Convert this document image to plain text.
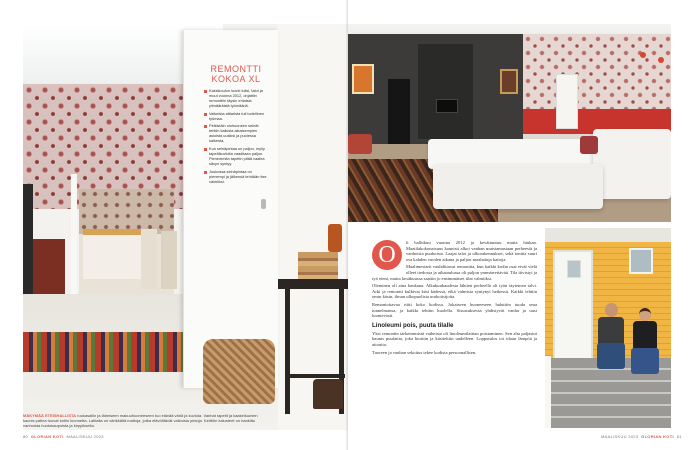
REMONTTI KOKOA XL
Kaksikoulun luonti tulisi, talot ja muut vuonna 2012, ohjattiin remonttiin täysin erilaisia ylimääräisiä työmääriä.
Vaikeista alttarista tuli todellinen työmaa.
Pelkistäin olohuoneen seinät tehtiin kaikista aikaisempien asioista uusiksi ja puolessa kaikesta.
Kun seinäpintaa on paljon, mylly tapettikuvioita vaaditaan paljon. Pienemmän tapetin pitää vaalea sävyn syntyy.
Joukossa seinäpintaa on pienempi ja jälkensä tehdään itse valmiiksi.
MÄKYMÄÄ ETEISHALLISTA ruokasaliin ja läheiseen makuuhuoneeseen tuo elävää väriä ja kuviota. Vanhat tapetit ja kaakeliuunien kaunis patina tuovat kotiin luonnetta. Lattialla on värikkäitä mattoja, jotka elävöittävät valkoisia pintoja. Keittiön kalusteet on hankittu vanhoista huutokaupoista ja kirppikselta.
80 GLORIAN KOTI MAALISKUU 2023
O	li hallitkuu vuonna 2012 ja kevättuntuu mutta hiukan. Maatilakokonaisuus kaunisti alkoi vanhan muistamastaan perheestä ja vanhoista puuhoista. Laajat talot ja ulkorakennukset, sekä tonttia suuri osa kahden vuoden aikana ja paljon maalattuja kattoja.

Maalimestarit vauhdittavat remonttia, kun kaikki kodin osat eivät vielä olleet tiedossa ja aikataulussa oli paljon ymmärrettävää. Tila tiivistyi ja työ eteni, mutta kesäkuussa saatiin jo ensimmäiset tilat valmiiksi.

Oleminen oli aina kaukana. Alkukuukaudesta lähtien perheellä oli työn täyteinen talvi. Arki ja remontti kulkivat käsi kädessä, eikä valmista syntynyt hetkessä. Kaikki tehtiin omin käsin, ilman ulkopuolisia urakoitsijoita.

Remontoitavaa riitti koko kodissa. Jokaiseen huoneeseen haluttiin tuoda oma tunnelmansa, ja kaikki tehtiin huolella. Sisustuksessa yhdistyvät vanha ja uusi luontevasti.

Linoleumi pois, puuta tilalle

Yksi remontin tärkeimmistä vaiheista oli linoleumilattian poistaminen. Sen alta paljastui kaunis puulattia, joka hiottiin ja käsiteltiin uudelleen. Lopputulos toi tilaan lämpöä ja aitoutta.

Tuoreen ja vanhan sekoitus tekee kodista persoonallisen.

MAALISKUU 2023 GLORIAN KOTI 81
